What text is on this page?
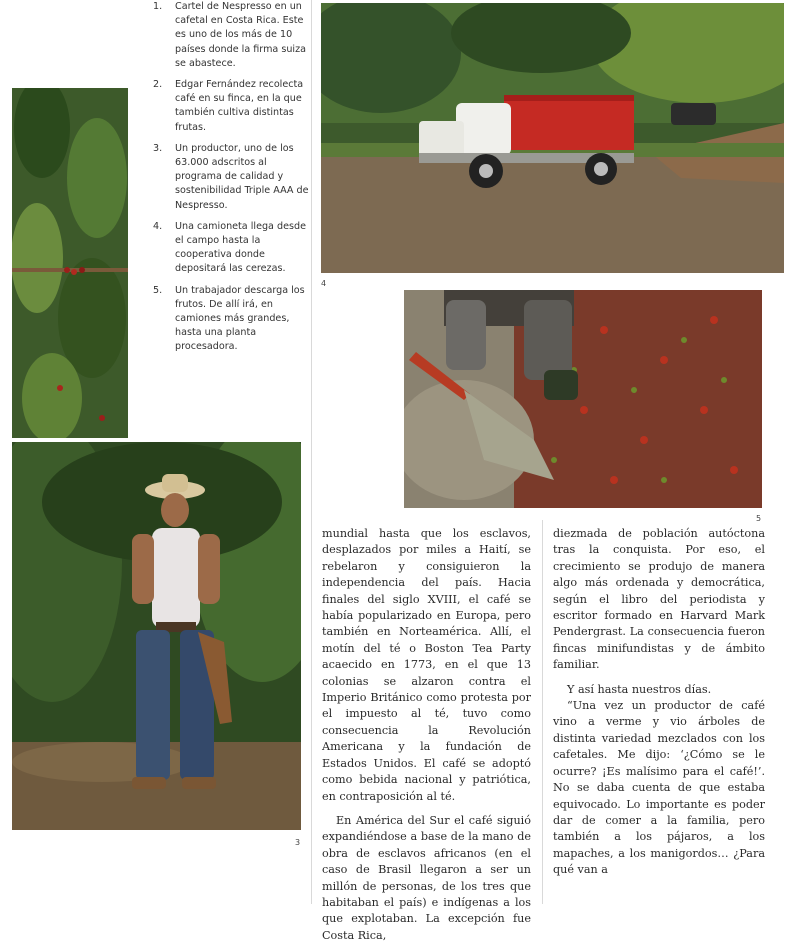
1. Cartel de Nespresso en un cafetal en Costa Rica. Este es uno de los más de 10 países donde la firma suiza se abastece.
2. Edgar Fernández recolecta café en su finca, en la que también cultiva distintas frutas.
3. Un productor, uno de los 63.000 adscritos al programa de calidad y sostenibilidad Triple AAA de Nespresso.
4. Una camioneta llega desde el campo hasta la cooperativa donde depositará las cerezas.
5. Un trabajador descarga los frutos. De allí irá, en camiones más grandes, hasta una planta procesadora.
4
5
3

mundial hasta que los esclavos, desplazados por miles a Haití, se rebelaron y consiguieron la independencia del país. Hacia finales del siglo XVIII, el café se había popularizado en Europa, pero también en Norteamérica. Allí, el motín del té o Boston Tea Party acaecido en 1773, en el que 13 colonias se alzaron contra el Imperio Británico como protesta por el impuesto al té, tuvo como consecuencia la Revolución Americana y la fundación de Estados Unidos. El café se adoptó como bebida nacional y patriótica, en contraposición al té.

En América del Sur el café siguió expandiéndose a base de la mano de obra de esclavos africanos (en el caso de Brasil llegaron a ser un millón de personas, de los tres que habitaban el país) e indígenas a los que explotaban. La excepción fue Costa Rica,

diezmada de población autóctona tras la conquista. Por eso, el crecimiento se produjo de manera algo más ordenada y democrática, según el libro del periodista y escritor formado en Harvard Mark Pendergrast. La consecuencia fueron fincas minifundistas y de ámbito familiar.

Y así hasta nuestros días.

“Una vez un productor de café vino a verme y vio árboles de distinta variedad mezclados con los cafetales. Me dijo: ‘¿Cómo se le ocurre? ¡Es malísimo para el café!’. No se daba cuenta de que estaba equivocado. Lo importante es poder dar de comer a la familia, pero también a los pájaros, a los mapaches, a los manigordos… ¿Para qué van a
